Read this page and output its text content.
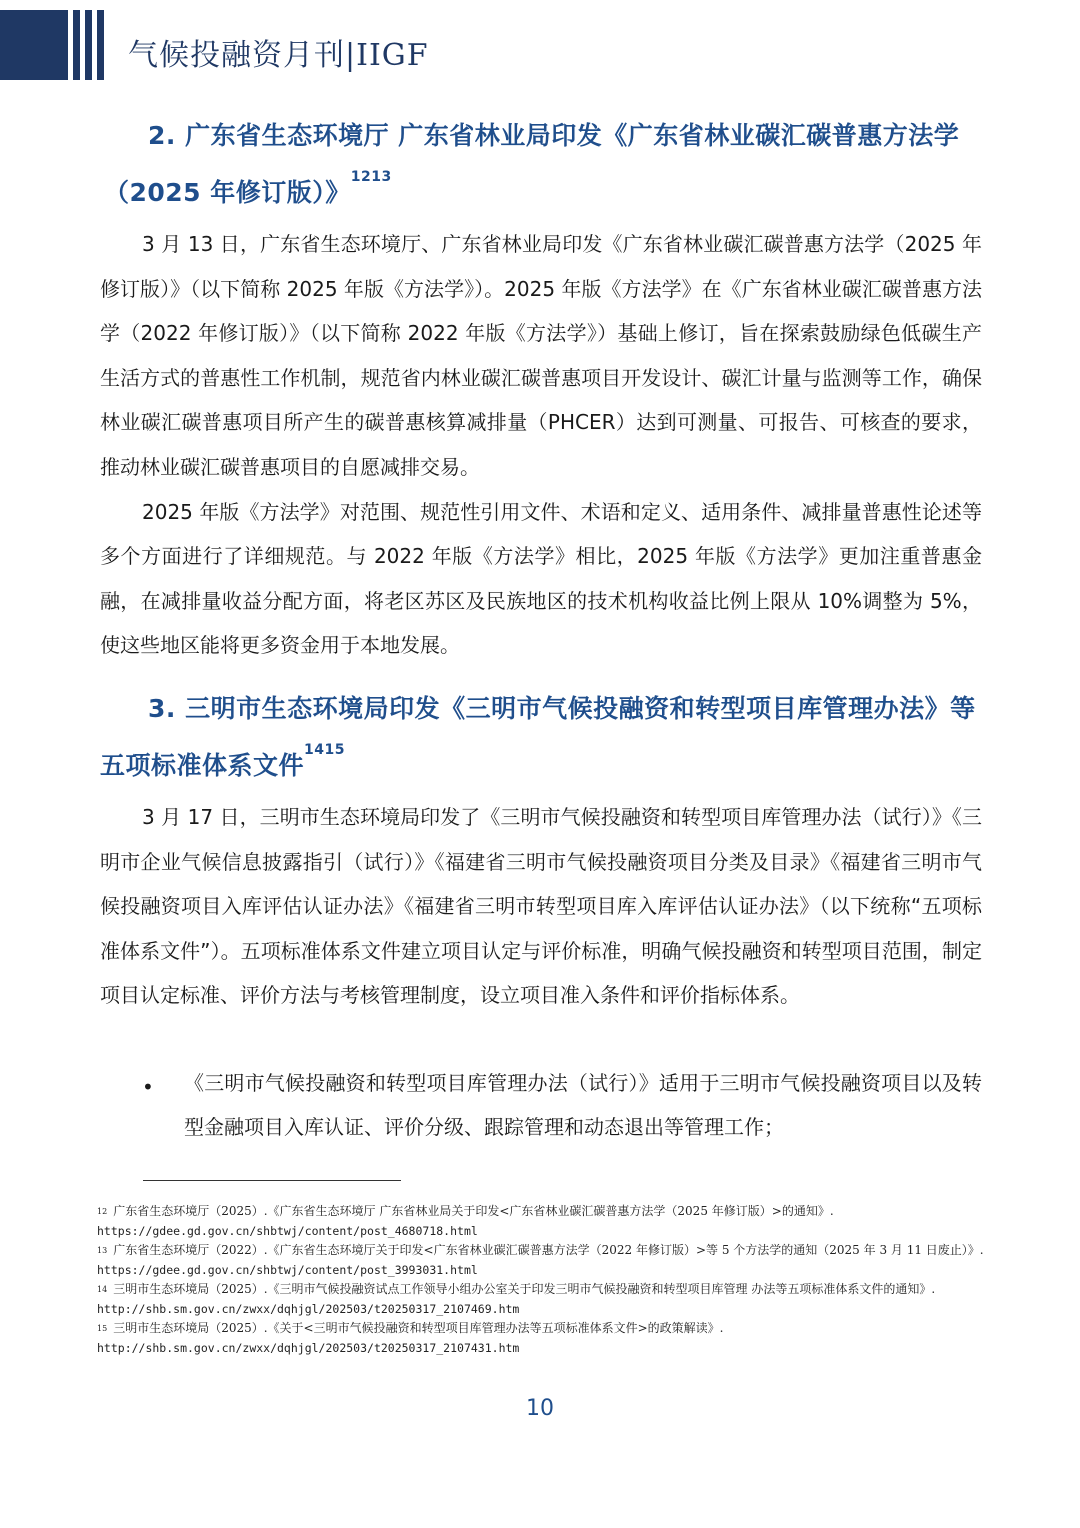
气候投融资月刊|IIGF
2. 广东省生态环境厅 广东省林业局印发《广东省林业碳汇碳普惠方法学
（2025 年修订版）》$^{1213}$

3 月 13 日，广东省生态环境厅、广东省林业局印发《广东省林业碳汇碳普惠方法学（2025 年修订版）》（以下简称 2025 年版《方法学》）。2025 年版《方法学》在《广东省林业碳汇碳普惠方法学（2022 年修订版）》（以下简称 2022 年版《方法学》）基础上修订，旨在探索鼓励绿色低碳生产生活方式的普惠性工作机制，规范省内林业碳汇碳普惠项目开发设计、碳汇计量与监测等工作，确保林业碳汇碳普惠项目所产生的碳普惠核算减排量（PHCER）达到可测量、可报告、可核查的要求，推动林业碳汇碳普惠项目的自愿减排交易。

2025 年版《方法学》对范围、规范性引用文件、术语和定义、适用条件、减排量普惠性论述等多个方面进行了详细规范。与 2022 年版《方法学》相比，2025 年版《方法学》更加注重普惠金融，在减排量收益分配方面，将老区苏区及民族地区的技术机构收益比例上限从 10%调整为 5%，使这些地区能将更多资金用于本地发展。

3. 三明市生态环境局印发《三明市气候投融资和转型项目库管理办法》等
五项标准体系文件$^{1415}$

3 月 17 日，三明市生态环境局印发了《三明市气候投融资和转型项目库管理办法（试行）》《三明市企业气候信息披露指引（试行）》《福建省三明市气候投融资项目分类及目录》《福建省三明市气候投融资项目入库评估认证办法》《福建省三明市转型项目库入库评估认证办法》（以下统称“五项标准体系文件”）。五项标准体系文件建立项目认定与评价标准，明确气候投融资和转型项目范围，制定项目认定标准、评价方法与考核管理制度，设立项目准入条件和评价指标体系。

• 《三明市气候投融资和转型项目库管理办法（试行）》适用于三明市气候投融资项目以及转型金融项目入库认证、评价分级、跟踪管理和动态退出等管理工作；
$^{12}$ 广东省生态环境厅（2025）.《广东省生态环境厅 广东省林业局关于印发<广东省林业碳汇碳普惠方法学（2025 年修订版）>的通知》.
https://gdee.gd.gov.cn/shbtwj/content/post_4680718.html
$^{13}$ 广东省生态环境厅（2022）.《广东省生态环境厅关于印发<广东省林业碳汇碳普惠方法学（2022 年修订版）>等 5 个方法学的通知（2025 年 3 月 11 日废止）》.
https://gdee.gd.gov.cn/shbtwj/content/post_3993031.html
$^{14}$ 三明市生态环境局（2025）.《三明市气候投融资试点工作领导小组办公室关于印发三明市气候投融资和转型项目库管理 办法等五项标准体系文件的通知》.
http://shb.sm.gov.cn/zwxx/dqhjgl/202503/t20250317_2107469.htm
$^{15}$ 三明市生态环境局（2025）.《关于<三明市气候投融资和转型项目库管理办法等五项标准体系文件>的政策解读》.
http://shb.sm.gov.cn/zwxx/dqhjgl/202503/t20250317_2107431.htm
10
